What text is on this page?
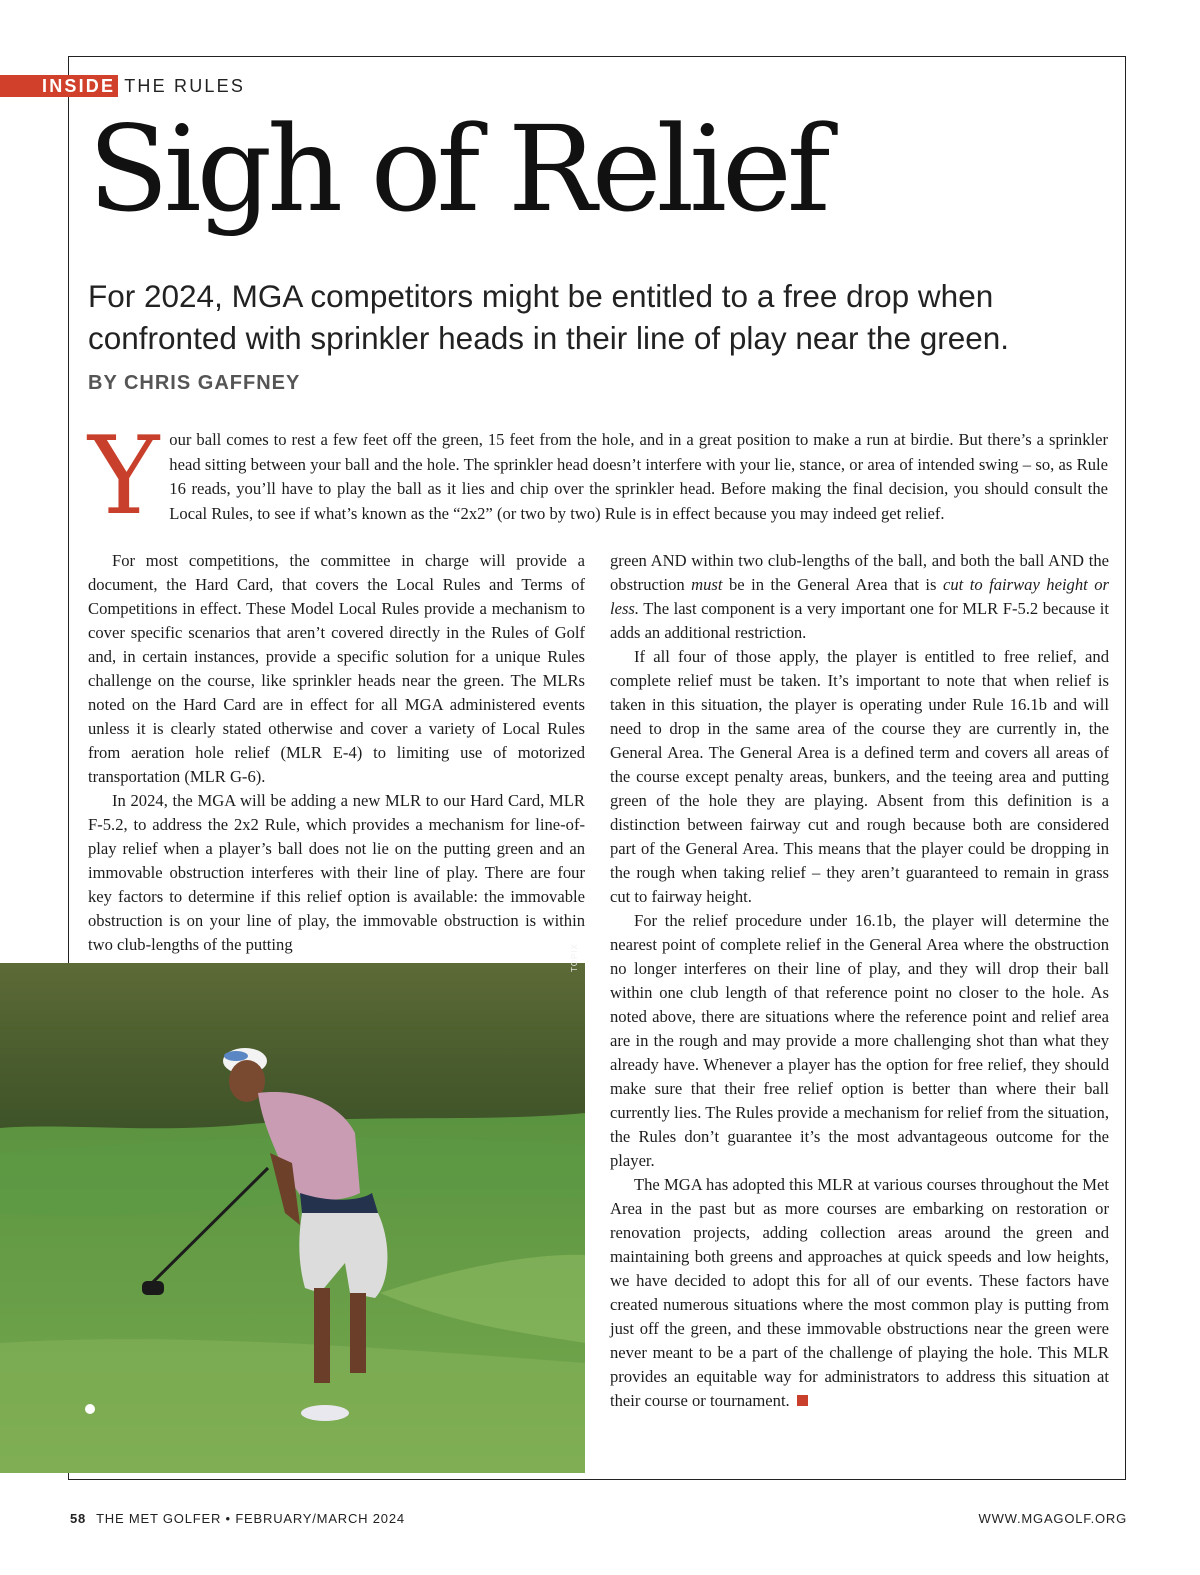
INSIDE THE RULES
Sigh of Relief

For 2024, MGA competitors might be entitled to a free drop when confronted with sprinkler heads in their line of play near the green.

BY CHRIS GAFFNEY
Y our ball comes to rest a few feet off the green, 15 feet from the hole, and in a great position to make a run at birdie. But there’s a sprinkler head sitting between your ball and the hole. The sprinkler head doesn’t interfere with your lie, stance, or area of intended swing – so, as Rule 16 reads, you’ll have to play the ball as it lies and chip over the sprinkler head. Before making the final decision, you should consult the Local Rules, to see if what’s known as the “2x2” (or two by two) Rule is in effect because you may indeed get relief.

For most competitions, the committee in charge will provide a document, the Hard Card, that covers the Local Rules and Terms of Competitions in effect. These Model Local Rules provide a mechanism to cover specific scenarios that aren’t covered directly in the Rules of Golf and, in certain instances, provide a specific solution for a unique Rules challenge on the course, like sprinkler heads near the green. The MLRs noted on the Hard Card are in effect for all MGA administered events unless it is clearly stated otherwise and cover a variety of Local Rules from aeration hole relief (MLR E-4) to limiting use of motorized transportation (MLR G-6).

In 2024, the MGA will be adding a new MLR to our Hard Card, MLR F-5.2, to address the 2x2 Rule, which provides a mechanism for line-of-play relief when a player’s ball does not lie on the putting green and an immovable obstruction interferes with their line of play. There are four key factors to determine if this relief option is available: the immovable obstruction is on your line of play, the immovable obstruction is within two club-lengths of the putting

green AND within two club-lengths of the ball, and both the ball AND the obstruction must be in the General Area that is cut to fairway height or less. The last component is a very important one for MLR F-5.2 because it adds an additional restriction.

If all four of those apply, the player is entitled to free relief, and complete relief must be taken. It’s important to note that when relief is taken in this situation, the player is operating under Rule 16.1b and will need to drop in the same area of the course they are currently in, the General Area. The General Area is a defined term and covers all areas of the course except penalty areas, bunkers, and the teeing area and putting green of the hole they are playing. Absent from this definition is a distinction between fairway cut and rough because both are considered part of the General Area. This means that the player could be dropping in the rough when taking relief – they aren’t guaranteed to remain in grass cut to fairway height.

For the relief procedure under 16.1b, the player will determine the nearest point of complete relief in the General Area where the obstruction no longer interferes on their line of play, and they will drop their ball within one club length of that reference point no closer to the hole. As noted above, there are situations where the reference point and relief area are in the rough and may provide a more challenging shot than what they already have. Whenever a player has the option for free relief, they should make sure that their free relief option is better than where their ball currently lies. The Rules provide a mechanism for relief from the situation, the Rules don’t guarantee it’s the most advantageous outcome for the player.

The MGA has adopted this MLR at various courses throughout the Met Area in the past but as more courses are embarking on restoration or renovation projects, adding collection areas around the green and maintaining both greens and approaches at quick speeds and low heights, we have decided to adopt this for all of our events. These factors have created numerous situations where the most common play is putting from just off the green, and these immovable obstructions near the green were never meant to be a part of the challenge of playing the hole. This MLR provides an equitable way for administrators to address this situation at their course or tournament.

TOPIX
58 THE MET GOLFER • FEBRUARY/MARCH 2024	WWW.MGAGOLF.ORG
